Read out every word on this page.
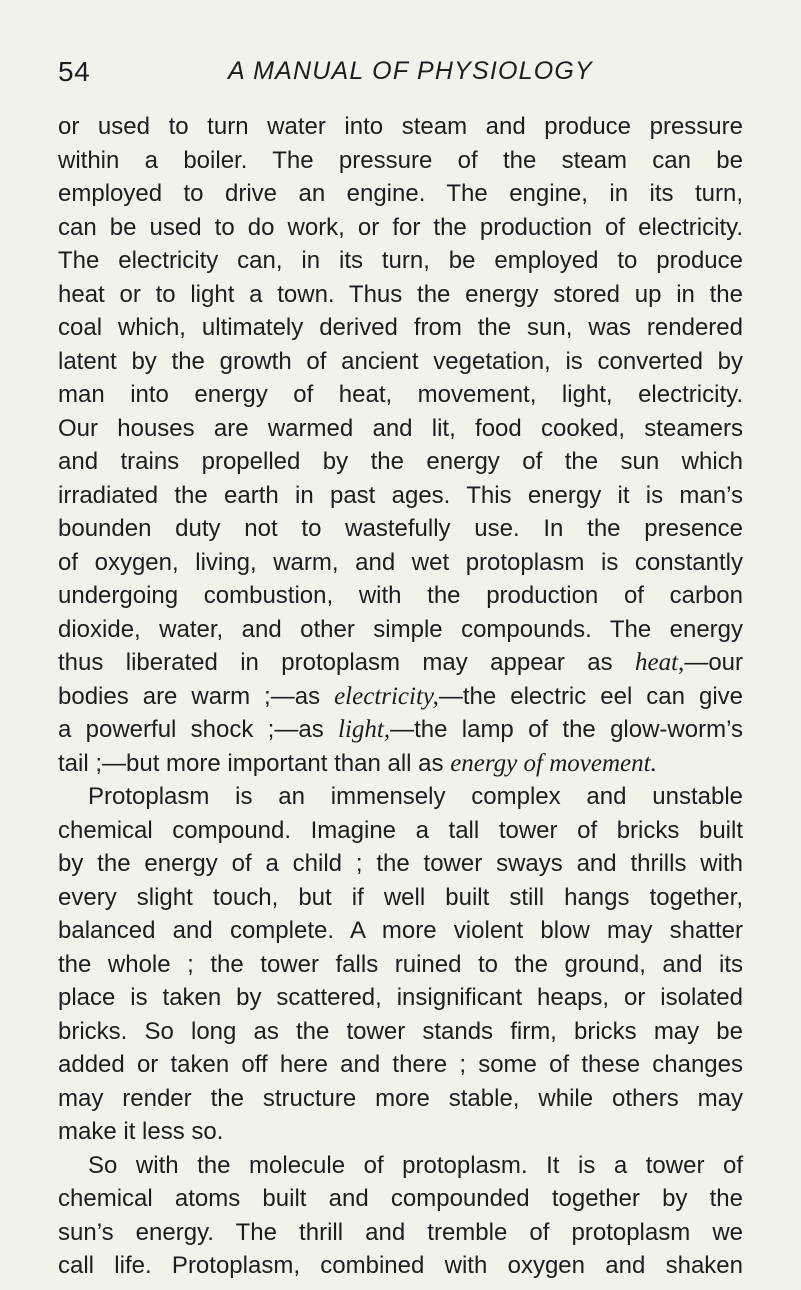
54	A MANUAL OF PHYSIOLOGY
or used to turn water into steam and produce pressure
within a boiler. The pressure of the steam can be
employed to drive an engine. The engine, in its turn,
can be used to do work, or for the production of electricity.
The electricity can, in its turn, be employed to produce
heat or to light a town. Thus the energy stored up in the
coal which, ultimately derived from the sun, was rendered
latent by the growth of ancient vegetation, is converted by
man into energy of heat, movement, light, electricity.
Our houses are warmed and lit, food cooked, steamers
and trains propelled by the energy of the sun which
irradiated the earth in past ages. This energy it is man’s
bounden duty not to wastefully use. In the presence
of oxygen, living, warm, and wet protoplasm is constantly
undergoing combustion, with the production of carbon
dioxide, water, and other simple compounds. The energy
thus liberated in protoplasm may appear as heat,—our
bodies are warm ;—as electricity,—the electric eel can give
a powerful shock ;—as light,—the lamp of the glow-worm’s
tail ;—but more important than all as energy of movement.
Protoplasm is an immensely complex and unstable
chemical compound. Imagine a tall tower of bricks built
by the energy of a child ; the tower sways and thrills with
every slight touch, but if well built still hangs together,
balanced and complete. A more violent blow may shatter
the whole ; the tower falls ruined to the ground, and its
place is taken by scattered, insignificant heaps, or isolated
bricks. So long as the tower stands firm, bricks may be
added or taken off here and there ; some of these changes
may render the structure more stable, while others may
make it less so.
So with the molecule of protoplasm. It is a tower of
chemical atoms built and compounded together by the
sun’s energy. The thrill and tremble of protoplasm we
call life. Protoplasm, combined with oxygen and shaken
